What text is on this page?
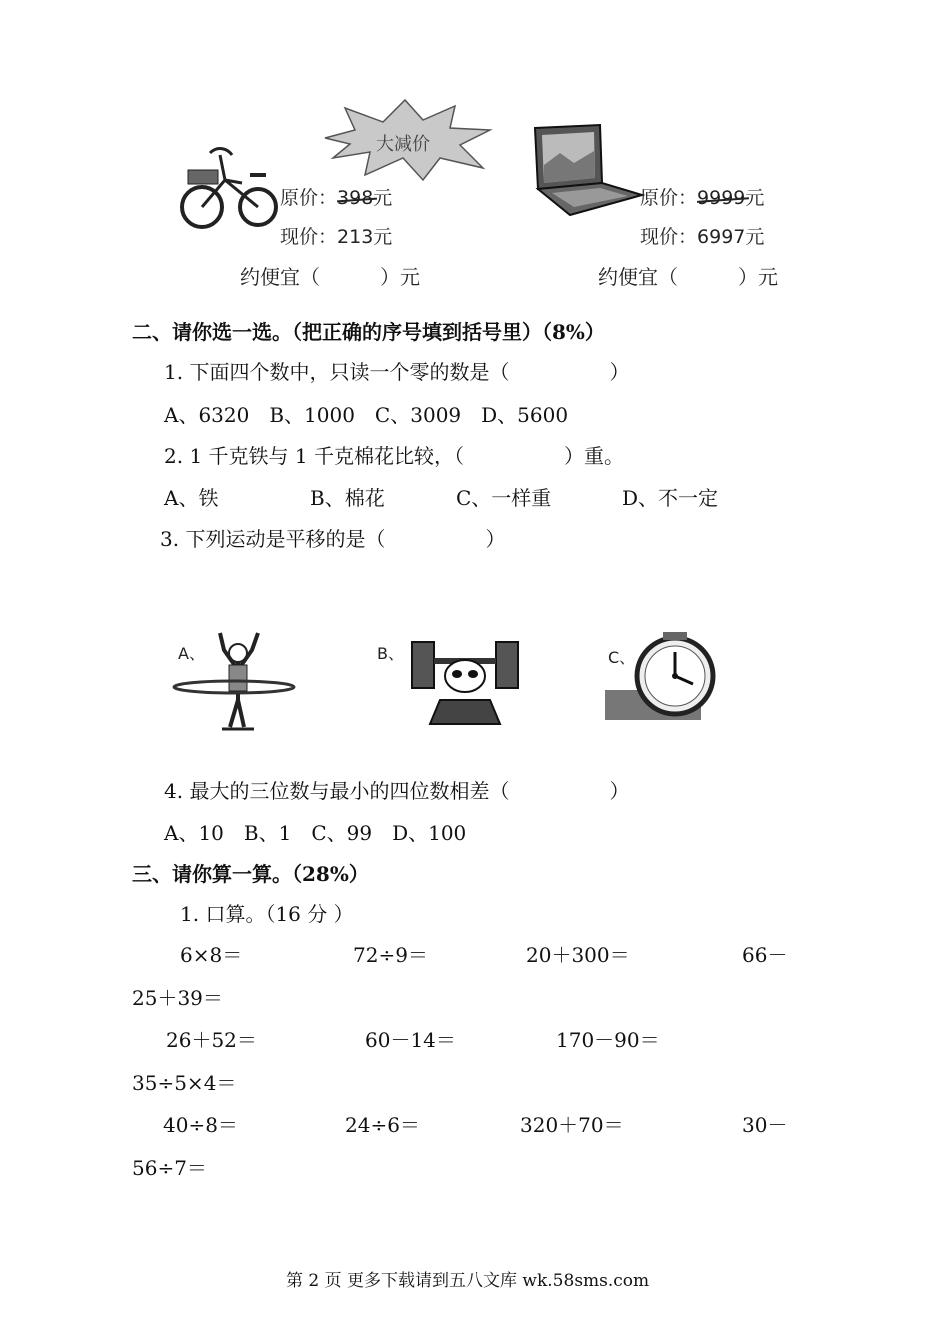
大减价
原价：398元
现价：213元
约便宜（　　　）元
原价：9999元
现价：6997元
约便宜（　　　）元
二、请你选一选。（把正确的序号填到括号里）（8%）
1. 下面四个数中，只读一个零的数是（　　　　　）
A、6320　B、1000　C、3009　D、5600
2. 1 千克铁与 1 千克棉花比较，（　　　　　）重。
A、铁	B、棉花	C、一样重	D、不一定
3. 下列运动是平移的是（　　　　　）
A、	B、	C、
4. 最大的三位数与最小的四位数相差（　　　　　）
A、10　B、1　C、99　D、100
三、请你算一算。（28%）
1. 口算。（16 分 ）
6×8＝	72÷9＝	20＋300＝	66－
25＋39＝
26＋52＝	60－14＝	170－90＝
35÷5×4＝
40÷8＝	24÷6＝	320＋70＝	30－
56÷7＝
第 2 页 更多下载请到五八文库 wk.58sms.com
